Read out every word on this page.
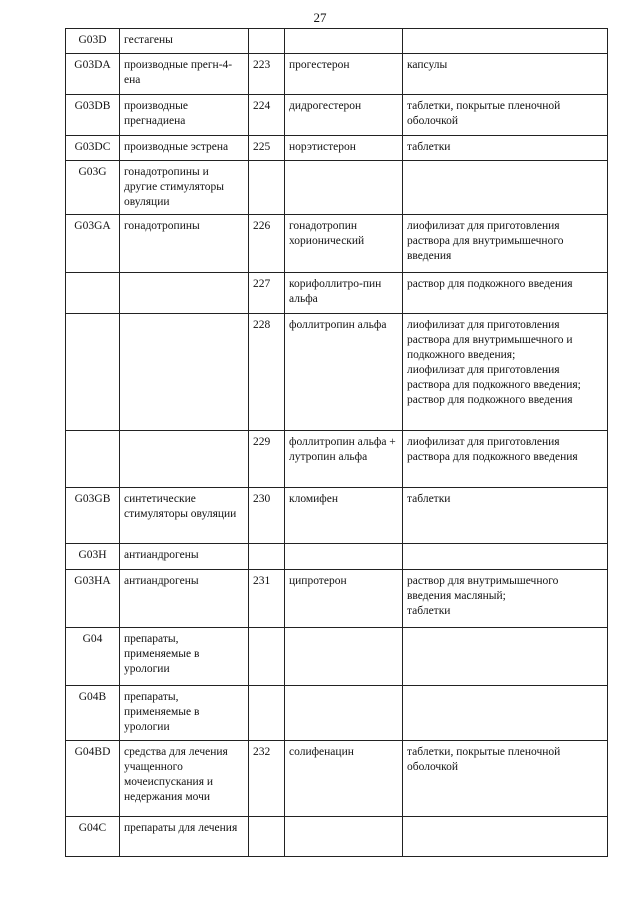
27
G03D	гестагены			
G03DA	производные прегн-4-ена	223	прогестерон	капсулы
G03DB	производные прегнадиена	224	дидрогестерон	таблетки, покрытые пленочной оболочкой
G03DC	производные эстрена	225	норэтистерон	таблетки
G03G	гонадотропины и другие стимуляторы овуляции			
G03GA	гонадотропины	226	гонадотропин хорионический	лиофилизат для приготовления раствора для внутримышечного введения
		227	корифоллитро-пин альфа	раствор для подкожного введения
		228	фоллитропин альфа	лиофилизат для приготовления раствора для внутримышечного и подкожного введения;
лиофилизат для приготовления раствора для подкожного введения;
раствор для подкожного введения
		229	фоллитропин альфа + лутропин альфа	лиофилизат для приготовления раствора для подкожного введения
G03GB	синтетические стимуляторы овуляции	230	кломифен	таблетки
G03H	антиандрогены			
G03HA	антиандрогены	231	ципротерон	раствор для внутримышечного введения масляный;
таблетки
G04	препараты, применяемые в урологии			
G04B	препараты, применяемые в урологии			
G04BD	средства для лечения учащенного мочеиспускания и недержания мочи	232	солифенацин	таблетки, покрытые пленочной оболочкой
G04C	препараты для лечения			
